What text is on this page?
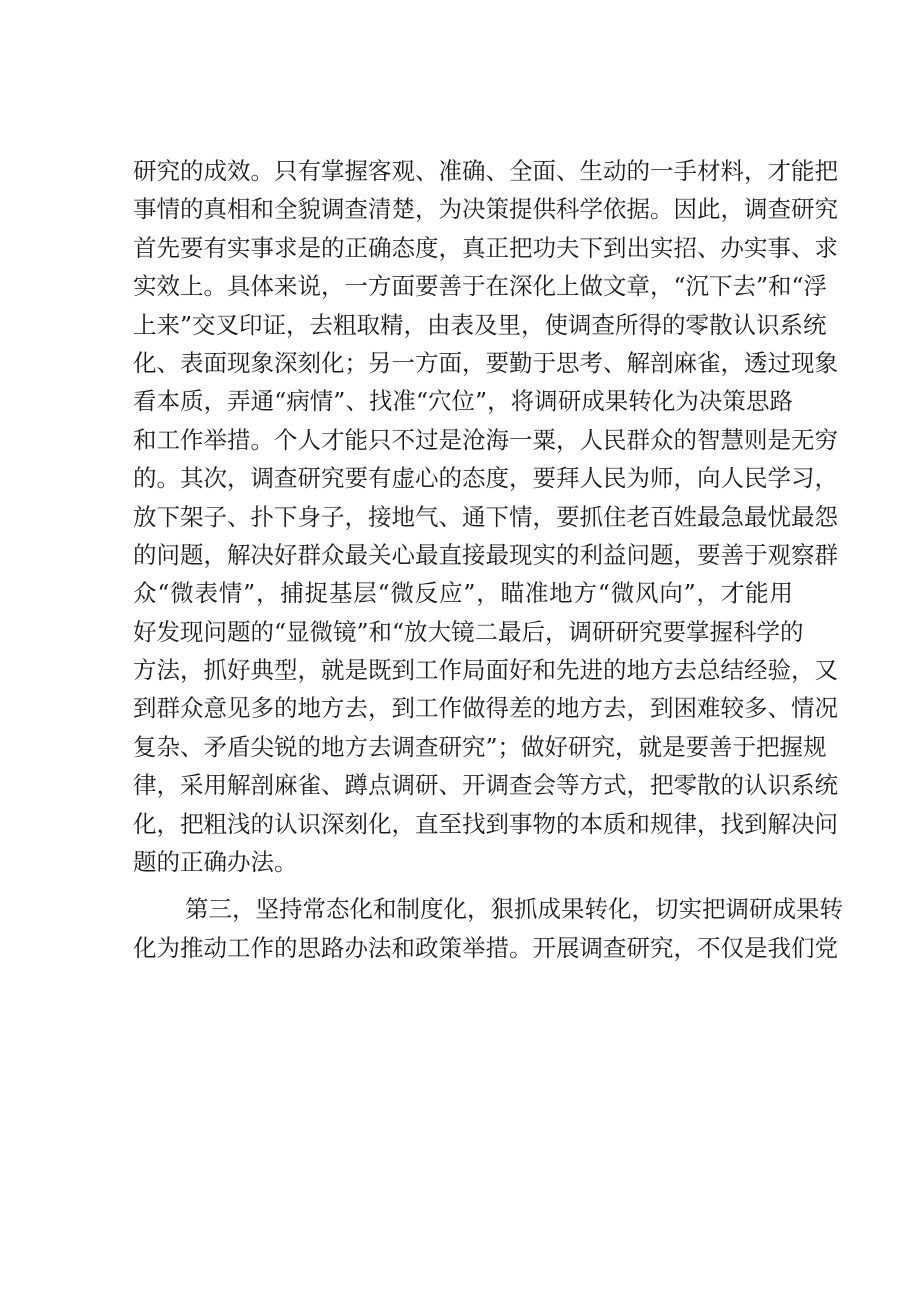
研究的成效。只有掌握客观、准确、全面、生动的一手材料，才能把
事情的真相和全貌调查清楚，为决策提供科学依据。因此，调查研究
首先要有实事求是的正确态度，真正把功夫下到出实招、办实事、求
实效上。具体来说，一方面要善于在深化上做文章，“沉下去”和“浮
上来”交叉印证，去粗取精，由表及里，使调查所得的零散认识系统
化、表面现象深刻化；另一方面，要勤于思考、解剖麻雀，透过现象
看本质，弄通“病情”、找准“穴位”，将调研成果转化为决策思路
和工作举措。个人才能只不过是沧海一粟，人民群众的智慧则是无穷
的。其次，调查研究要有虚心的态度，要拜人民为师，向人民学习，
放下架子、扑下身子，接地气、通下情，要抓住老百姓最急最忧最怨
的问题，解决好群众最关心最直接最现实的利益问题，要善于观察群
众“微表情”，捕捉基层“微反应”，瞄准地方“微风向”，才能用
好发现问题的“显微镜”和“放大镜二最后，调研研究要掌握科学的
方法，抓好典型，就是既到工作局面好和先进的地方去总结经验，又
到群众意见多的地方去，到工作做得差的地方去，到困难较多、情况
复杂、矛盾尖锐的地方去调查研究”；做好研究，就是要善于把握规
律，采用解剖麻雀、蹲点调研、开调查会等方式，把零散的认识系统
化，把粗浅的认识深刻化，直至找到事物的本质和规律，找到解决问
题的正确办法。
第三，坚持常态化和制度化，狠抓成果转化，切实把调研成果转
化为推动工作的思路办法和政策举措。开展调查研究，不仅是我们党
